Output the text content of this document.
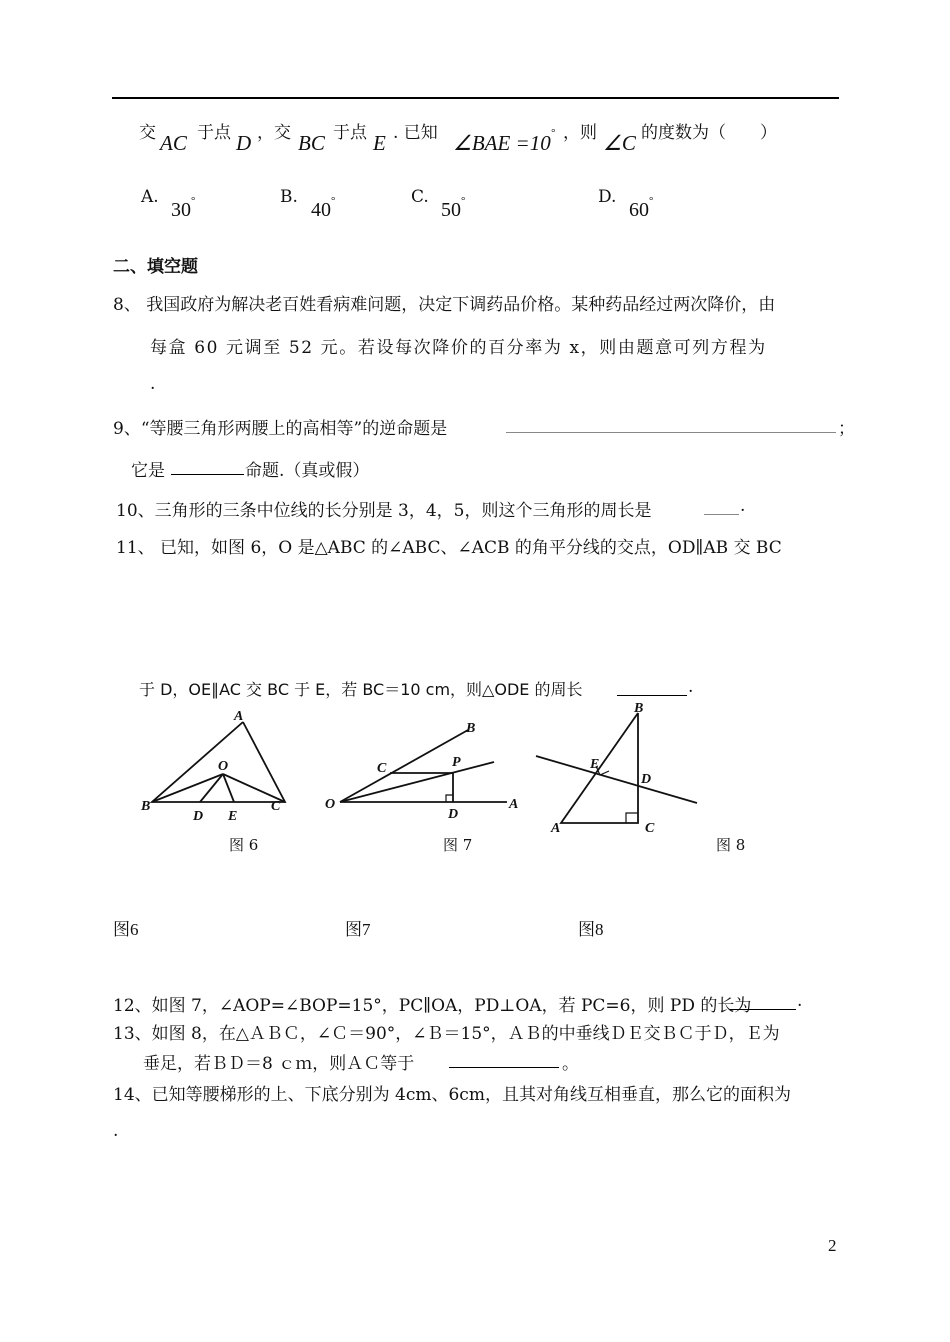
交 AC 于点 D ，交 BC 于点 E . 已知 ∠BAE =10° ，则 ∠C 的度数为（　　）
A.
30°	B.
40°	C.
50°	D.
60°
二、填空题
8、 我国政府为解决老百姓看病难问题，决定下调药品价格。某种药品经过两次降价，由
每盒 60 元调至 52 元。若设每次降价的百分率为 x，则由题意可列方程为
.
9、“等腰三角形两腰上的高相等”的逆命题是	；
它是	命题.（真或假）
10、三角形的三条中位线的长分别是 3，4，5，则这个三角形的周长是	.
11、 已知，如图 6，O 是△ABC 的∠ABC、∠ACB 的角平分线的交点，OD∥AB 交 BC
于 D，OE∥AC 交 BC 于 E，若 BC＝10 cm，则△ODE 的周长	.
A
O
B
D E
C
图 6
B
C	P
O
D
A
图 7
B
E
D
A	C
图 8
图6	图7	图8
12、如图 7，∠AOP=∠BOP=15°，PC∥OA，PD⊥OA，若 PC=6，则 PD 的长为	.
13、如图 8，在△ＡＢＣ，∠Ｃ＝90°，∠Ｂ＝15°，ＡＢ的中垂线ＤＥ交ＢＣ于Ｄ，Ｅ为
垂足，若ＢＤ＝8 ｃｍ，则ＡＣ等于	。
14、已知等腰梯形的上、下底分别为 4cm、6cm，且其对角线互相垂直，那么它的面积为
.
2
